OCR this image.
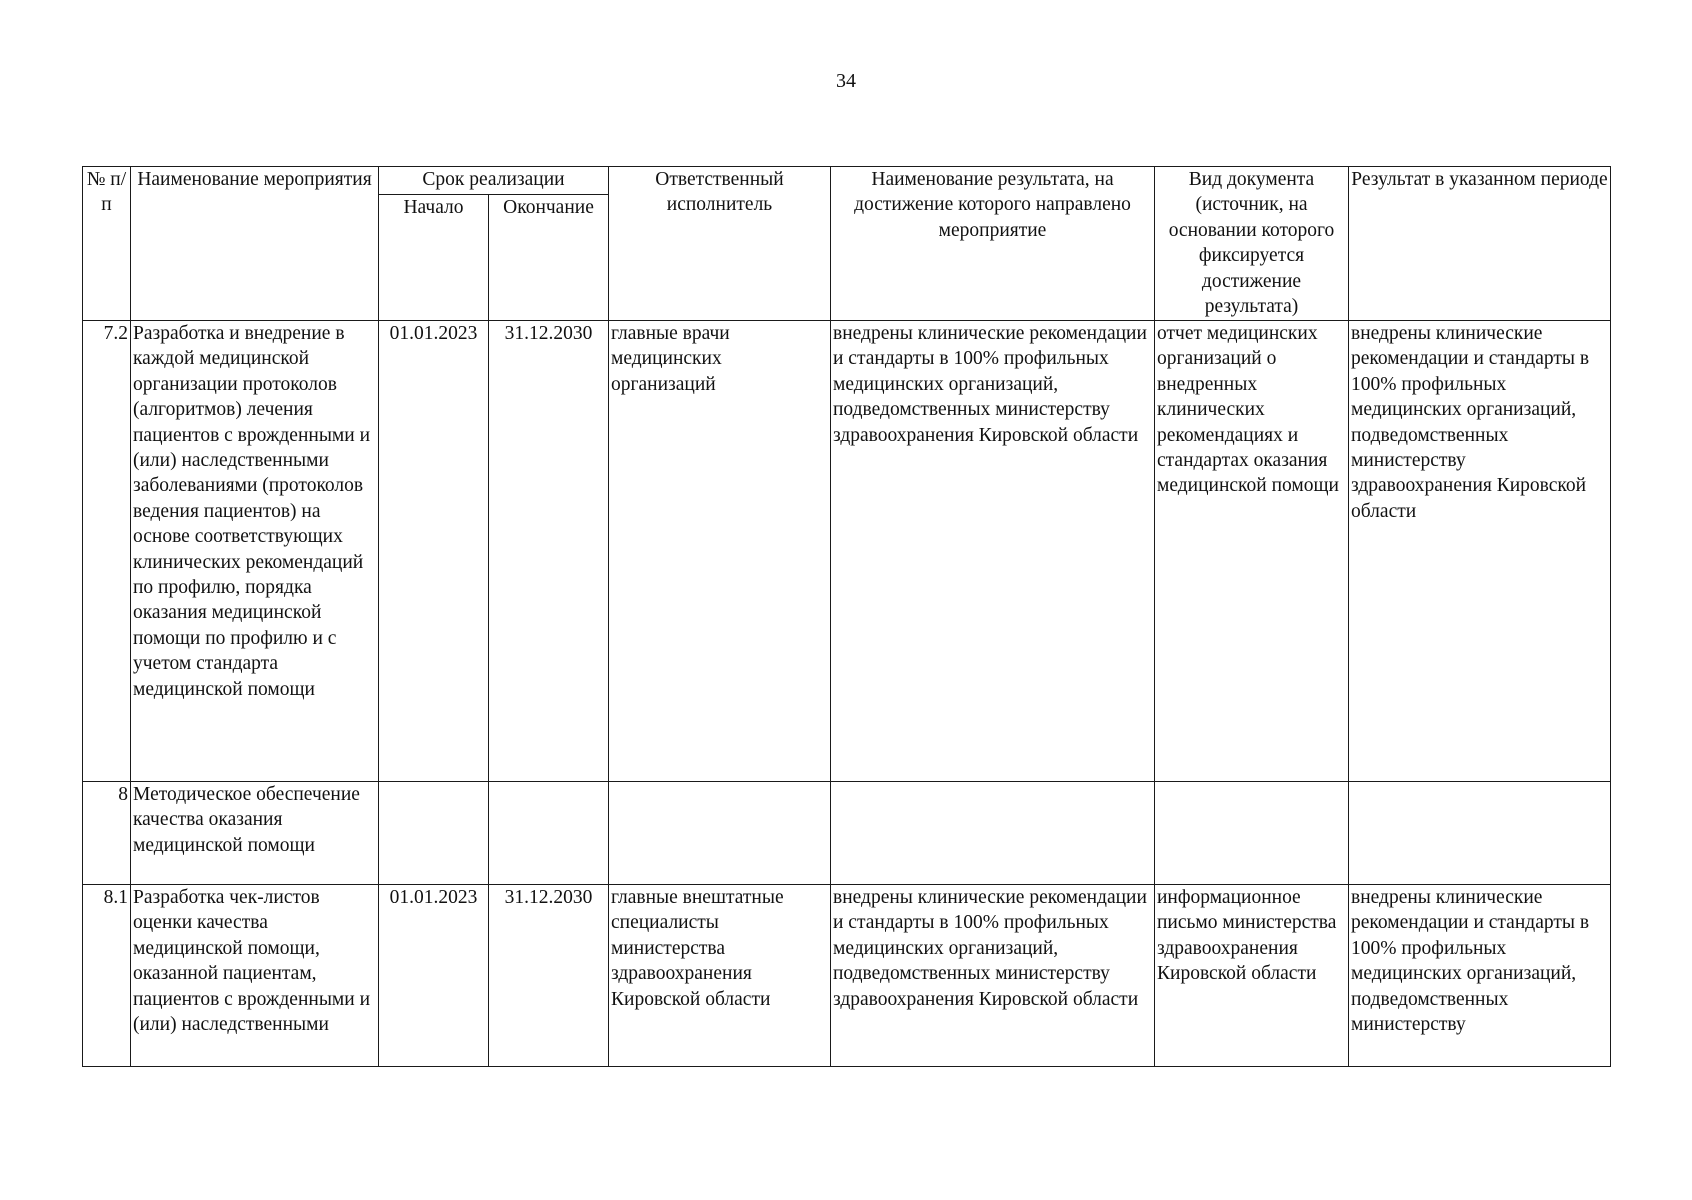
34
№ п/п	Наименование мероприятия	Срок реализации		Ответственный исполнитель	Наименование результата, на достижение которого направлено мероприятие	Вид документа (источник, на основании которого фиксируется достижение результата)	Результат в указанном периоде
		Начало	Окончание				
7.2	Разработка и внедрение в каждой медицинской организации протоколов (алгоритмов) лечения пациентов с врожденными и (или) наследственными заболеваниями (протоколов ведения пациентов) на основе соответствующих клинических рекомендаций по профилю, порядка оказания медицинской помощи по профилю и с учетом стандарта медицинской помощи	01.01.2023	31.12.2030	главные врачи медицинских организаций	внедрены клинические рекомендации и стандарты в 100% профильных медицинских организаций, подведомственных министерству здравоохранения Кировской области	отчет медицинских организаций о внедренных клинических рекомендациях и стандартах оказания медицинской помощи	внедрены клинические рекомендации и стандарты в 100% профильных медицинских организаций, подведомственных министерству здравоохранения Кировской области
8	Методическое обеспечение качества оказания медицинской помощи						
8.1	Разработка чек-листов оценки качества медицинской помощи, оказанной пациентам, пациентов с врожденными и (или) наследственными	01.01.2023	31.12.2030	главные внештатные специалисты министерства здравоохранения Кировской области	внедрены клинические рекомендации и стандарты в 100% профильных медицинских организаций, подведомственных министерству здравоохранения Кировской области	информационное письмо министерства здравоохранения Кировской области	внедрены клинические рекомендации и стандарты в 100% профильных медицинских организаций, подведомственных министерству
